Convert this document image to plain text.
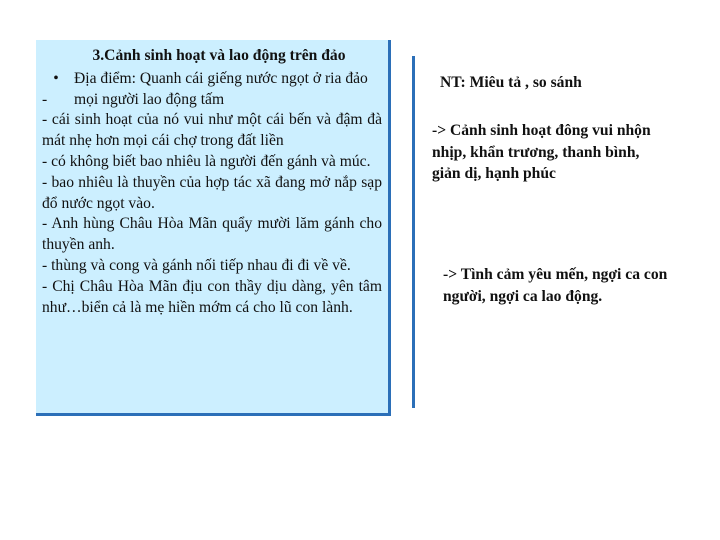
3.Cảnh sinh hoạt và lao động trên đảo
• Địa điểm: Quanh cái giếng nước ngọt ở ria đảo
-	mọi người lao động tấm

- cái sinh hoạt của nó vui như một cái bến và đậm đà mát nhẹ hơn mọi cái chợ trong đất liền

- có không biết bao nhiêu là người đến gánh và múc.

- bao nhiêu là thuyền của hợp tác xã đang mở nắp sạp đổ nước ngọt vào.

- Anh hùng Châu Hòa Mãn quẩy mười lăm gánh cho thuyền anh.

- thùng và cong và gánh nối tiếp nhau đi đi về về.

- Chị Châu Hòa Mãn địu con thầy dịu dàng, yên tâm như…biển cả là mẹ hiền mớm cá cho lũ con lành.

NT: Miêu tả , so sánh
-> Cảnh sinh hoạt đông vui nhộn nhịp, khẩn trương, thanh bình, giản dị, hạnh phúc
-> Tình cảm yêu mến, ngợi ca con người, ngợi ca lao động.
